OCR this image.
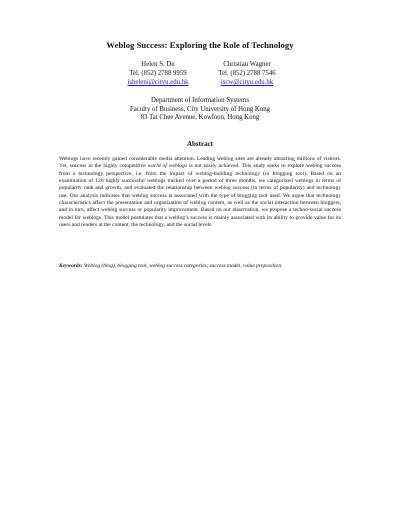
Weblog Success: Exploring the Role of Technology
Helen S. Du
Tel. (852) 2788 9959
isheleni@cityu.edu.hk
Christian Wagner
Tel. (852) 2788 7546
iscw@cityu.edu.hk
Department of Information Systems
Faculty of Business, City University of Hong Kong
83 Tat Chee Avenue, Kowloon, Hong Kong
Abstract

Weblogs have recently gained considerable media attention. Leading weblog sites are already attracting millions of visitors. Yet, success in the highly competitive world of weblogs is not easily achieved. This study seeks to explore weblog success from a technology perspective, i.e. from the impact of weblog-building technology (or blogging tool). Based on an examination of 126 highly successful weblogs tracked over a period of three months, we categorized weblogs in terms of popularity rank and growth, and evaluated the relationship between weblog success (in terms of popularity) and technology use. Our analysis indicates that weblog success is associated with the type of blogging tool used. We argue that technology characteristics affect the presentation and organization of weblog content, as well as the social interaction between bloggers, and in turn, affect weblog success or popularity improvement. Based on our observation, we propose a techno-social success model for weblogs. This model postulates that a weblog’s success is mainly associated with its ability to provide value for its users and readers at the content, the technology, and the social levels.

Keywords: Weblog (blog), blogging tool, weblog success categories, success model, value proposition.
